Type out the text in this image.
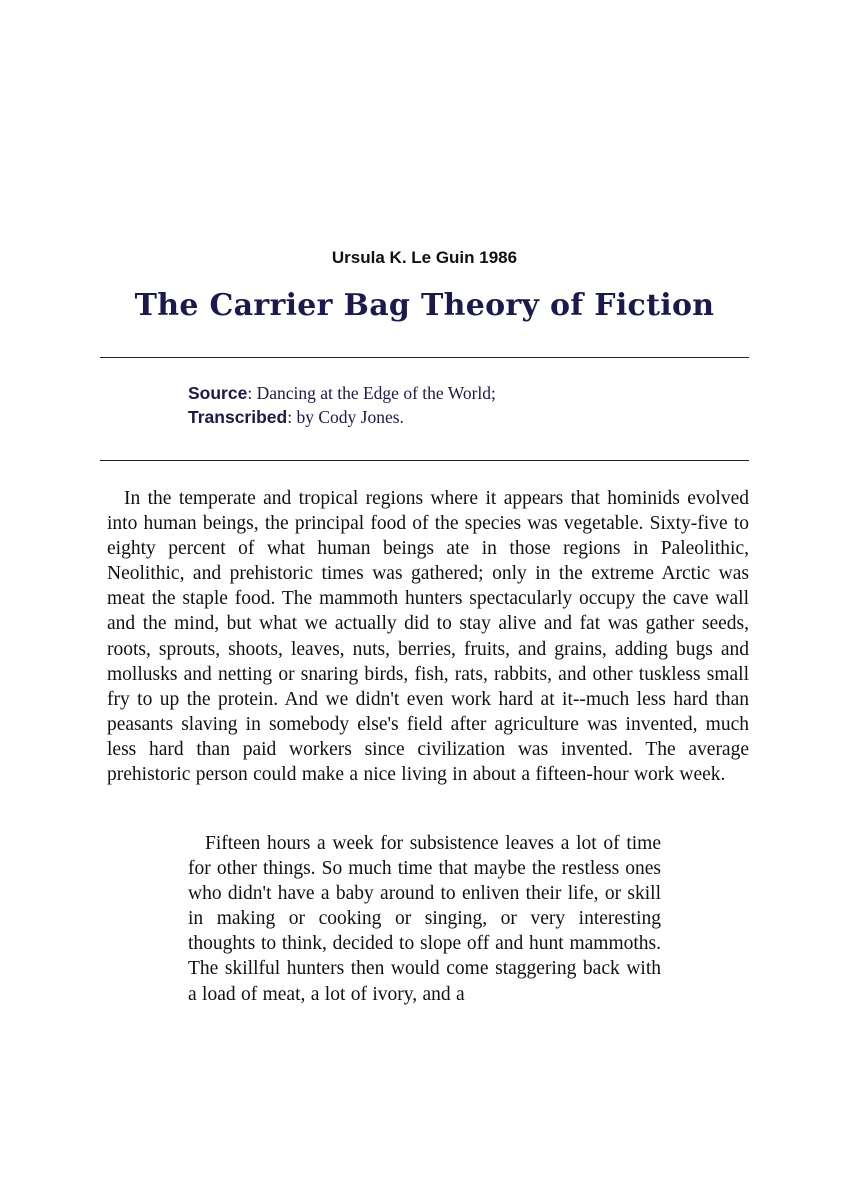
Ursula K. Le Guin 1986
The Carrier Bag Theory of Fiction
Source: Dancing at the Edge of the World;
Transcribed: by Cody Jones.

In the temperate and tropical regions where it appears that hominids evolved into human beings, the principal food of the species was vegetable. Sixty-five to eighty percent of what human beings ate in those regions in Paleolithic, Neolithic, and prehistoric times was gathered; only in the extreme Arctic was meat the staple food. The mammoth hunters spectacularly occupy the cave wall and the mind, but what we actually did to stay alive and fat was gather seeds, roots, sprouts, shoots, leaves, nuts, berries, fruits, and grains, adding bugs and mollusks and netting or snaring birds, fish, rats, rabbits, and other tuskless small fry to up the protein. And we didn't even work hard at it--much less hard than peasants slaving in somebody else's field after agriculture was invented, much less hard than paid workers since civilization was invented. The average prehistoric person could make a nice living in about a fifteen-hour work week.

Fifteen hours a week for subsistence leaves a lot of time for other things. So much time that maybe the restless ones who didn't have a baby around to enliven their life, or skill in making or cooking or singing, or very interesting thoughts to think, decided to slope off and hunt mammoths. The skillful hunters then would come staggering back with a load of meat, a lot of ivory, and a
